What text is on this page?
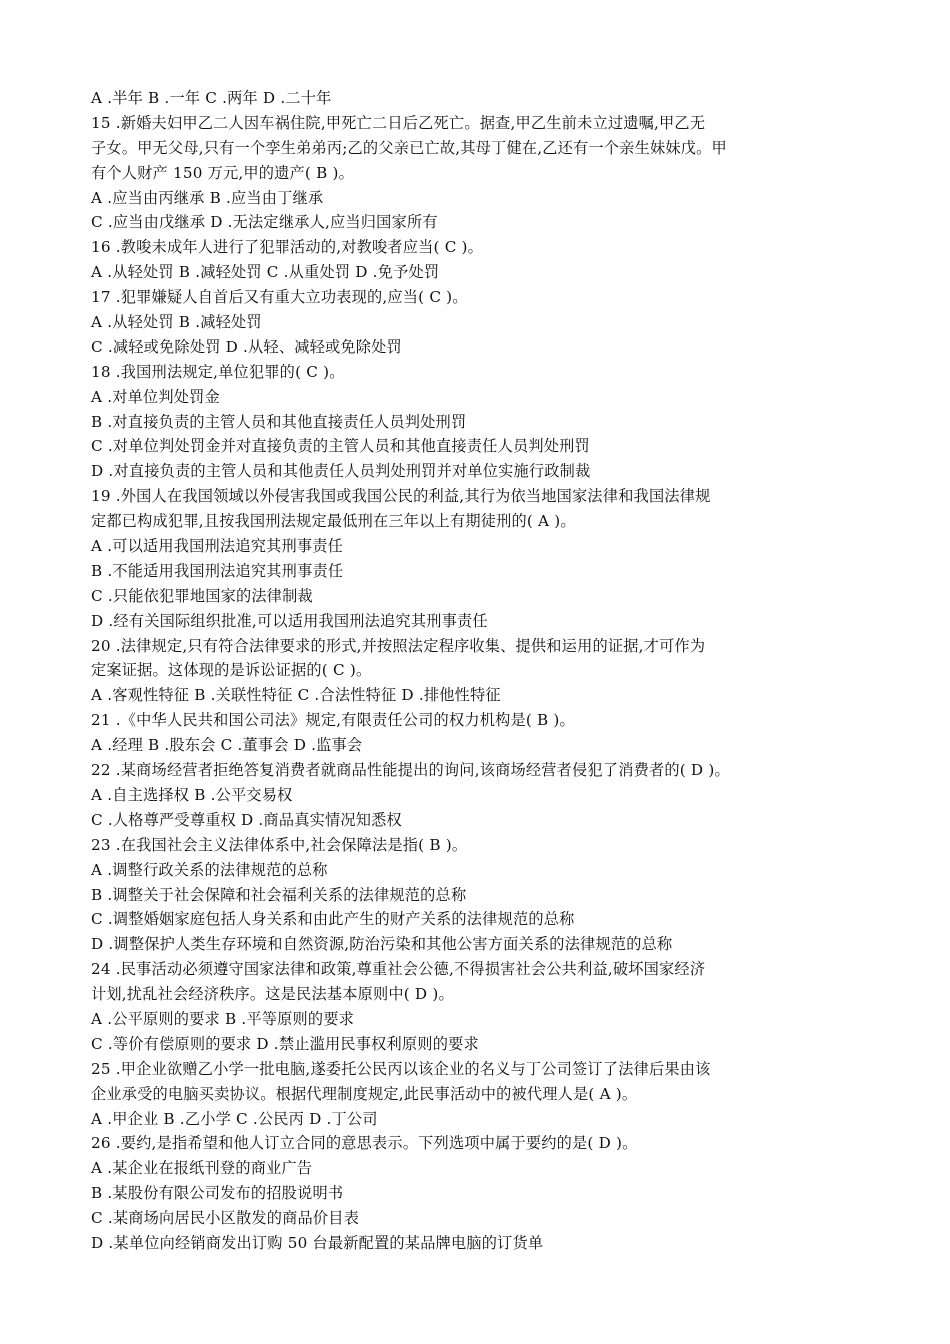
A .半年 B .一年 C .两年 D .二十年
15 .新婚夫妇甲乙二人因车祸住院,甲死亡二日后乙死亡。据查,甲乙生前未立过遗嘱,甲乙无
子女。甲无父母,只有一个孪生弟弟丙;乙的父亲已亡故,其母丁健在,乙还有一个亲生妹妹戊。甲
有个人财产 150 万元,甲的遗产( B )。
A .应当由丙继承 B .应当由丁继承
C .应当由戊继承 D .无法定继承人,应当归国家所有
16 .教唆未成年人进行了犯罪活动的,对教唆者应当( C )。
A .从轻处罚 B .减轻处罚 C .从重处罚 D .免予处罚
17 .犯罪嫌疑人自首后又有重大立功表现的,应当( C )。
A .从轻处罚 B .减轻处罚
C .减轻或免除处罚 D .从轻、减轻或免除处罚
18 .我国刑法规定,单位犯罪的( C )。
A .对单位判处罚金
B .对直接负责的主管人员和其他直接责任人员判处刑罚
C .对单位判处罚金并对直接负责的主管人员和其他直接责任人员判处刑罚
D .对直接负责的主管人员和其他责任人员判处刑罚并对单位实施行政制裁
19 .外国人在我国领域以外侵害我国或我国公民的利益,其行为依当地国家法律和我国法律规
定都已构成犯罪,且按我国刑法规定最低刑在三年以上有期徒刑的( A )。
A .可以适用我国刑法追究其刑事责任
B .不能适用我国刑法追究其刑事责任
C .只能依犯罪地国家的法律制裁
D .经有关国际组织批准,可以适用我国刑法追究其刑事责任
20 .法律规定,只有符合法律要求的形式,并按照法定程序收集、提供和运用的证据,才可作为
定案证据。这体现的是诉讼证据的( C )。
A .客观性特征 B .关联性特征 C .合法性特征 D .排他性特征
21 .《中华人民共和国公司法》规定,有限责任公司的权力机构是( B )。
A .经理 B .股东会 C .董事会 D .监事会
22 .某商场经营者拒绝答复消费者就商品性能提出的询问,该商场经营者侵犯了消费者的( D )。
A .自主选择权 B .公平交易权
C .人格尊严受尊重权 D .商品真实情况知悉权
23 .在我国社会主义法律体系中,社会保障法是指( B )。
A .调整行政关系的法律规范的总称
B .调整关于社会保障和社会福利关系的法律规范的总称
C .调整婚姻家庭包括人身关系和由此产生的财产关系的法律规范的总称
D .调整保护人类生存环境和自然资源,防治污染和其他公害方面关系的法律规范的总称
24 .民事活动必须遵守国家法律和政策,尊重社会公德,不得损害社会公共利益,破坏国家经济
计划,扰乱社会经济秩序。这是民法基本原则中( D )。
A .公平原则的要求 B .平等原则的要求
C .等价有偿原则的要求 D .禁止滥用民事权利原则的要求
25 .甲企业欲赠乙小学一批电脑,遂委托公民丙以该企业的名义与丁公司签订了法律后果由该
企业承受的电脑买卖协议。根据代理制度规定,此民事活动中的被代理人是( A )。
A .甲企业 B .乙小学 C .公民丙 D .丁公司
26 .要约,是指希望和他人订立合同的意思表示。下列选项中属于要约的是( D )。
A .某企业在报纸刊登的商业广告
B .某股份有限公司发布的招股说明书
C .某商场向居民小区散发的商品价目表
D .某单位向经销商发出订购 50 台最新配置的某品牌电脑的订货单
